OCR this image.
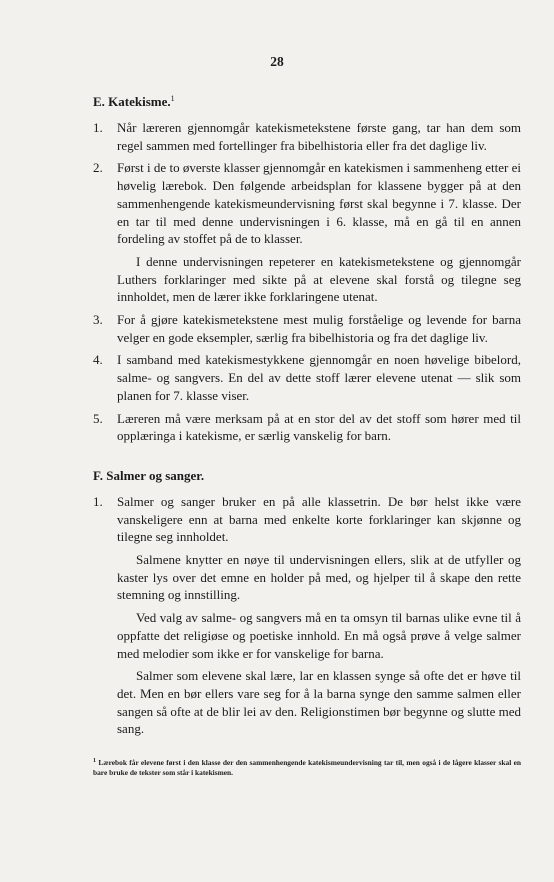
28
E. Katekisme.$^1$
1. Når læreren gjennomgår katekismetekstene første gang, tar han dem som regel sammen med fortellinger fra bibelhistoria eller fra det daglige liv.
2. Først i de to øverste klasser gjennomgår en katekismen i sammenheng etter ei høvelig lærebok. Den følgende arbeidsplan for klassene bygger på at den sammenhengende katekismeundervisning først skal begynne i 7. klasse. Der en tar til med denne undervisningen i 6. klasse, må en gå til en annen fordeling av stoffet på de to klasser.
I denne undervisningen repeterer en katekismetekstene og gjennomgår Luthers forklaringer med sikte på at elevene skal forstå og tilegne seg innholdet, men de lærer ikke forklaringene utenat.
3. For å gjøre katekismetekstene mest mulig forståelige og levende for barna velger en gode eksempler, særlig fra bibelhistoria og fra det daglige liv.
4. I samband med katekismestykkene gjennomgår en noen høvelige bibelord, salme- og sangvers. En del av dette stoff lærer elevene utenat — slik som planen for 7. klasse viser.
5. Læreren må være merksam på at en stor del av det stoff som hører med til opplæringa i katekisme, er særlig vanskelig for barn.
F. Salmer og sanger.
1. Salmer og sanger bruker en på alle klassetrin. De bør helst ikke være vanskeligere enn at barna med enkelte korte forklaringer kan skjønne og tilegne seg innholdet.
Salmene knytter en nøye til undervisningen ellers, slik at de utfyller og kaster lys over det emne en holder på med, og hjelper til å skape den rette stemning og innstilling.
Ved valg av salme- og sangvers må en ta omsyn til barnas ulike evne til å oppfatte det religiøse og poetiske innhold. En må også prøve å velge salmer med melodier som ikke er for vanskelige for barna.
Salmer som elevene skal lære, lar en klassen synge så ofte det er høve til det. Men en bør ellers vare seg for å la barna synge den samme salmen eller sangen så ofte at de blir lei av den. Religionstimen bør begynne og slutte med sang.
$^1$ Lærebok får elevene først i den klasse der den sammenhengende katekismeundervisning tar til, men også i de lågere klasser skal en bare bruke de tekster som står i katekismen.
